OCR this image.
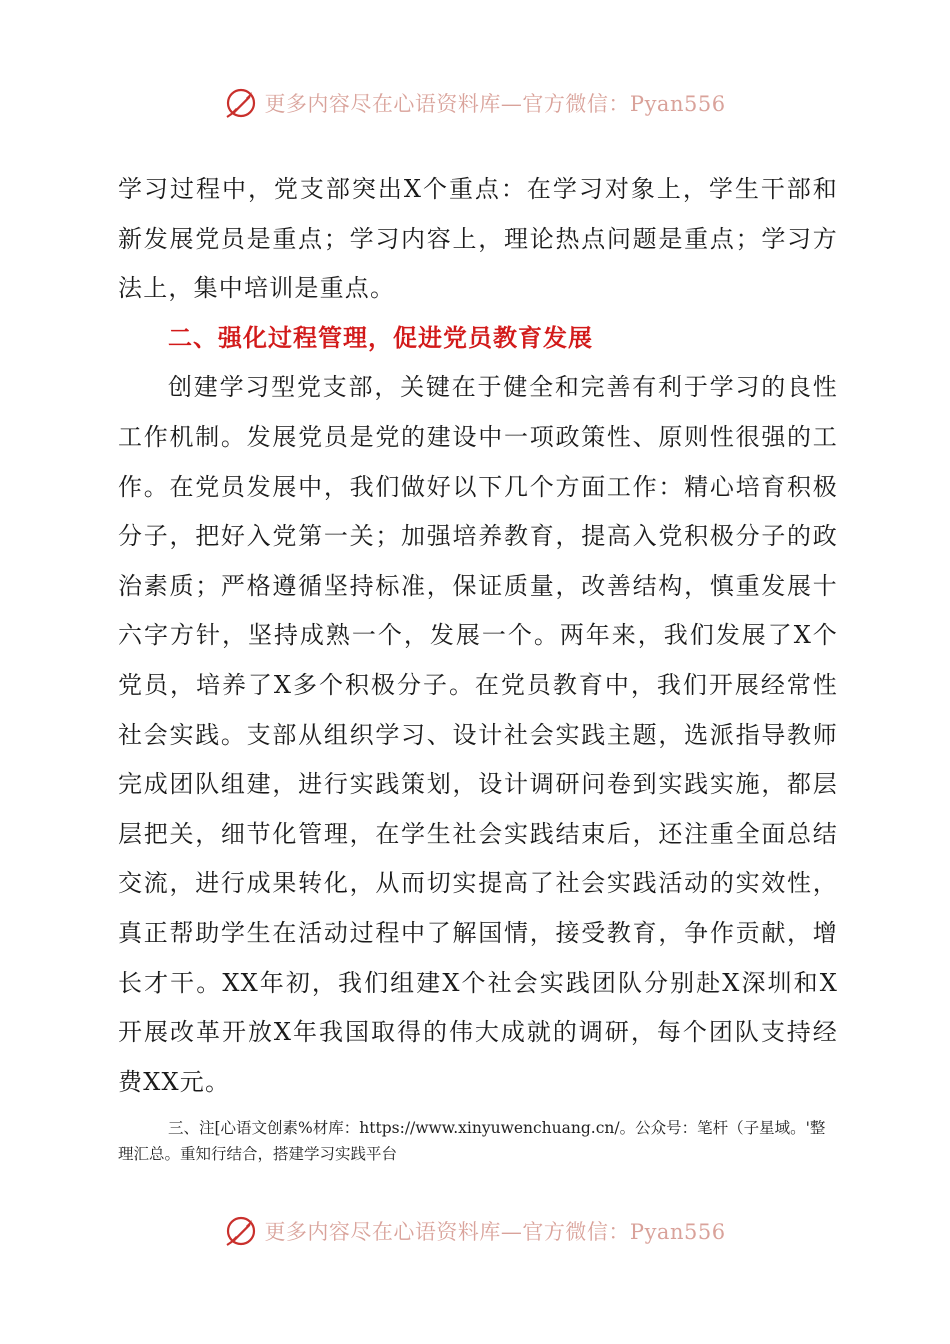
更多内容尽在心语资料库—官方微信：Pyan556

学习过程中，党支部突出X个重点：在学习对象上，学生干部和新发展党员是重点；学习内容上，理论热点问题是重点；学习方法上，集中培训是重点。

二、强化过程管理，促进党员教育发展

创建学习型党支部，关键在于健全和完善有利于学习的良性工作机制。发展党员是党的建设中一项政策性、原则性很强的工作。在党员发展中，我们做好以下几个方面工作：精心培育积极分子，把好入党第一关；加强培养教育，提高入党积极分子的政治素质；严格遵循坚持标准，保证质量，改善结构，慎重发展十六字方针，坚持成熟一个，发展一个。两年来，我们发展了X个党员，培养了X多个积极分子。在党员教育中，我们开展经常性社会实践。支部从组织学习、设计社会实践主题，选派指导教师完成团队组建，进行实践策划，设计调研问卷到实践实施，都层层把关，细节化管理，在学生社会实践结束后，还注重全面总结交流，进行成果转化，从而切实提高了社会实践活动的实效性，真正帮助学生在活动过程中了解国情，接受教育，争作贡献，增长才干。XX年初，我们组建X个社会实践团队分别赴X深圳和X开展改革开放X年我国取得的伟大成就的调研，每个团队支持经费XX元。

三、注[心语文创素%材库：https://www.xinyuwenchuang.cn/。公众号：笔杆（子星域。'整理汇总。重知行结合，搭建学习实践平台

更多内容尽在心语资料库—官方微信：Pyan556
